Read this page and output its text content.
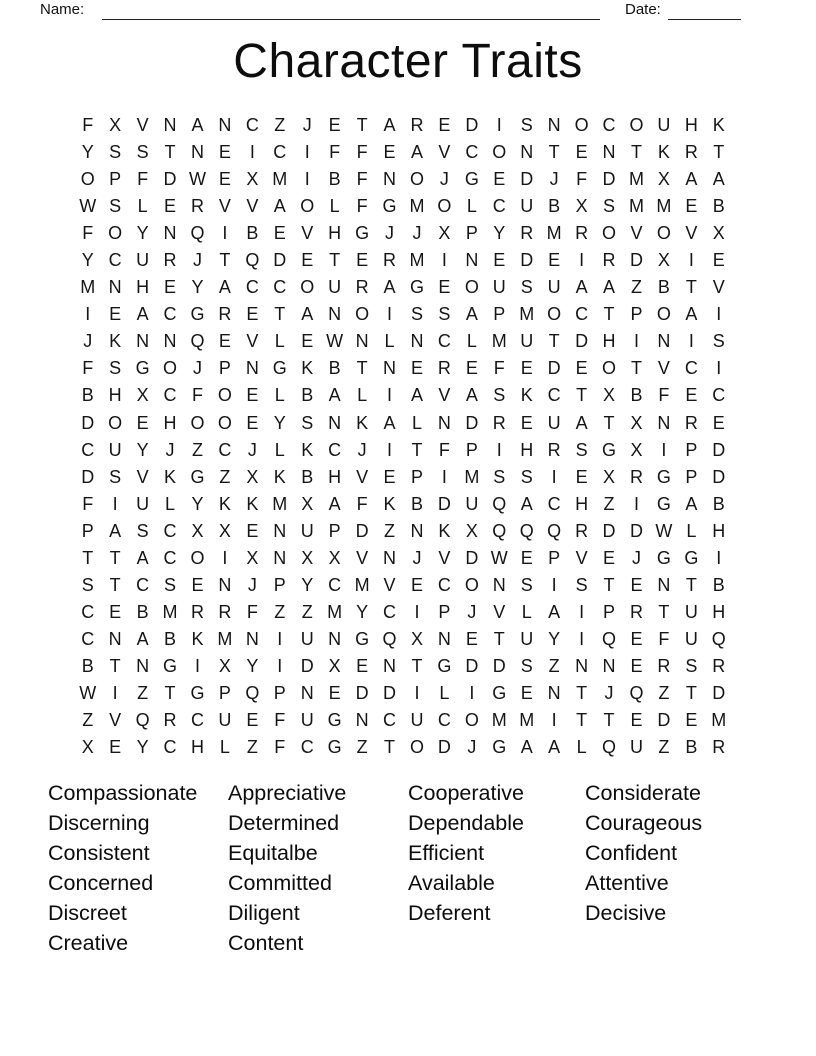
Name:	Date:
Character Traits
F X V N A N C Z J E T A R E D	I	S N O C O U H K
Y S S T N E	I	C	I	F F E A V C O N T E N T K R T
O P F D W E X M I	B F N O J G E D J F D M X A A
W S L E R V V A O L F G M O L C U B X S M M E B
F O Y N Q I	B E V H G J	J X P Y R M R O V O V X
Y C U R J T Q D E T E R M I	N E D E	I	R D X	I	E
M N H E Y A C C O U R A G E O U S U A A Z B T V
I	E A C G R E T A N O I	S S A P M O C T P O A	I
J K N N Q E V L E W N L N C L M U T D H	I	N	I	S
F S G O J P N G K B T N E R E F E D E O T V C	I
B H X C F O E L B A L	I	A V A S K C T X B F E C
D O E H O O E Y S N K A L N D R E U A T X N R E
C U Y J Z C J L K C J	I	T F P	I	H R S G X	I	P D
D S V K G Z X K B H V E P	I M S S	I	E X R G P D
F	I	U L Y K K M X A F K B D U Q A C H Z	I G A B
P A S C X X E N U P D Z N K X Q Q Q R D D W L H
T T A C O I	X N X X V N J V D W E P V E J G G I
S T C S E N J P Y C M V E C O N S	I	S T E N T B
C E B M R R F Z Z M Y C	I	P J V L A	I	P R T U H
C N A B K M N	I	U N G Q X N E T U Y	I Q E F U Q
B T N G I	X Y	I	D X E N T G D D S Z N N E R S R
W I	Z T G P Q P N E D D	I	L	I G E N T J Q Z T D
Z V Q R C U E F U G N C U C O M M I	T T E D E M
X E Y C H L Z F C G Z T O D J G A A L Q U Z B R
Compassionate
Discerning
Consistent
Concerned
Discreet
Creative
Appreciative
Determined
Equitalbe
Committed
Diligent
Content
Cooperative
Dependable
Efficient
Available
Deferent
Considerate
Courageous
Confident
Attentive
Decisive
